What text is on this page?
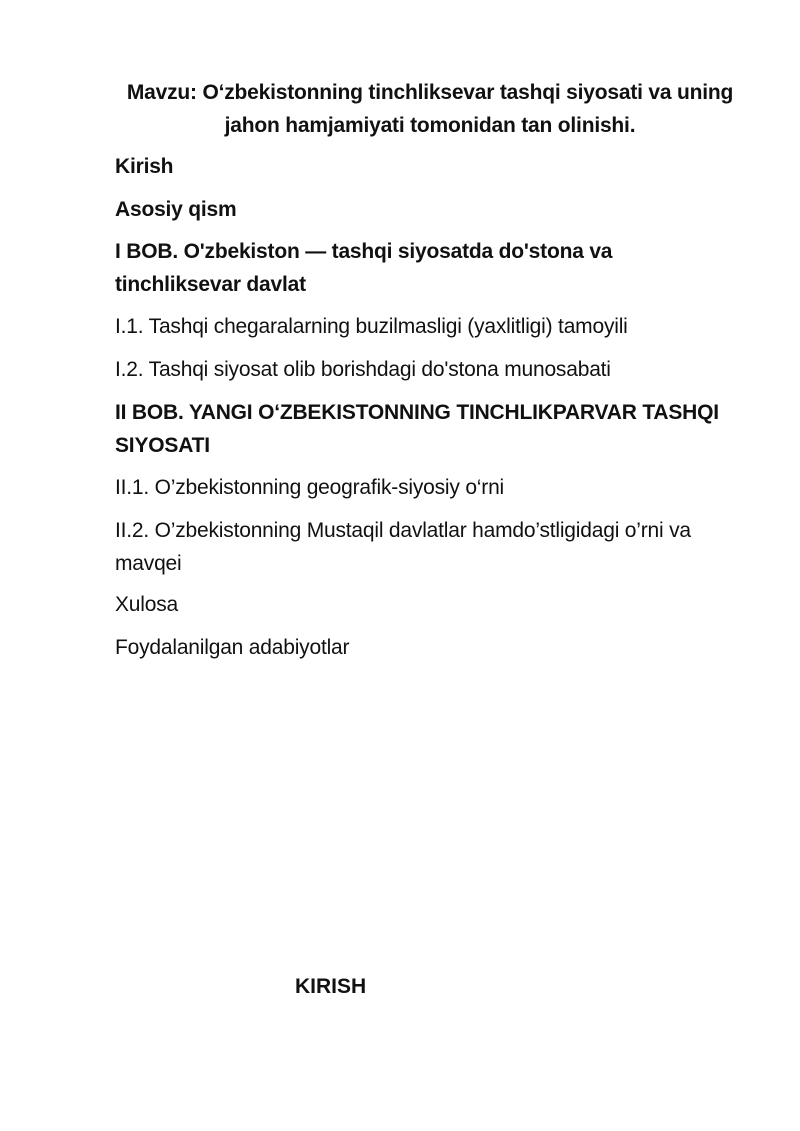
Mavzu: O‘zbekistonning tinchliksevar tashqi siyosati va uning
jahon hamjamiyati tomonidan tan olinishi.
Kirish
Asosiy qism
I BOB. O'zbekiston — tashqi siyosatda do'stona va tinchliksevar davlat
I.1. Tashqi chegaralarning buzilmasligi (yaxlitligi) tamoyili
I.2. Tashqi siyosat olib borishdagi do'stona munosabati
II BOB. YANGI O‘ZBEKISTONNING TINCHLIKPARVAR TASHQI SIYOSATI
II.1. O’zbekistonning geografik-siyosiy o‘rni
II.2. O’zbekistonning Mustaqil davlatlar hamdo’stligidagi o’rni va mavqei
Xulosa
Foydalanilgan adabiyotlar
KIRISH
